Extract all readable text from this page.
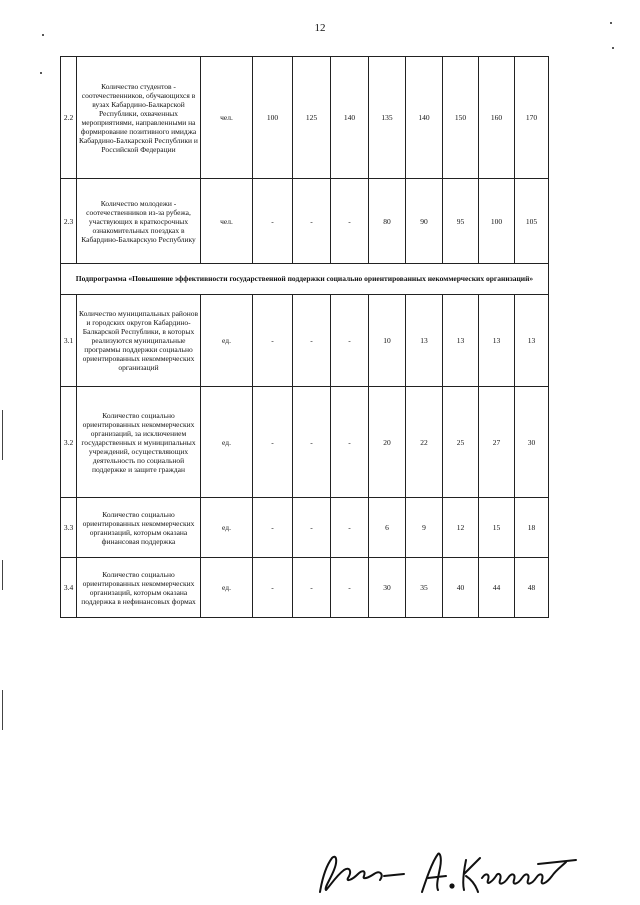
12
2.2	Количество студентов - соотечественников, обучающихся в вузах Кабардино-Балкарской Республики, охваченных мероприятиями, направленными на формирование позитивного имиджа Кабардино-Балкарской Республики и Российской Федерации	чел.	100	125	140	135	140	150	160	170
2.3	Количество молодежи - соотечественников из-за рубежа, участвующих в краткосрочных ознакомительных поездках в Кабардино-Балкарскую Республику	чел.	-	-	-	80	90	95	100	105
Подпрограмма «Повышение эффективности государственной поддержки социально ориентированных некоммерческих организаций»										
3.1	Количество муниципальных районов и городских округов Кабардино-Балкарской Республики, в которых реализуются муниципальные программы поддержки социально ориентированных некоммерческих организаций	ед.	-	-	-	10	13	13	13	13
3.2	Количество социально ориентированных некоммерческих организаций, за исключением государственных и муниципальных учреждений, осуществляющих деятельность по социальной поддержке и защите граждан	ед.	-	-	-	20	22	25	27	30
3.3	Количество социально ориентированных некоммерческих организаций, которым оказана финансовая поддержка	ед.	-	-	-	6	9	12	15	18
3.4	Количество социально ориентированных некоммерческих организаций, которым оказана поддержка в нефинансовых формах	ед.	-	-	-	30	35	40	44	48
